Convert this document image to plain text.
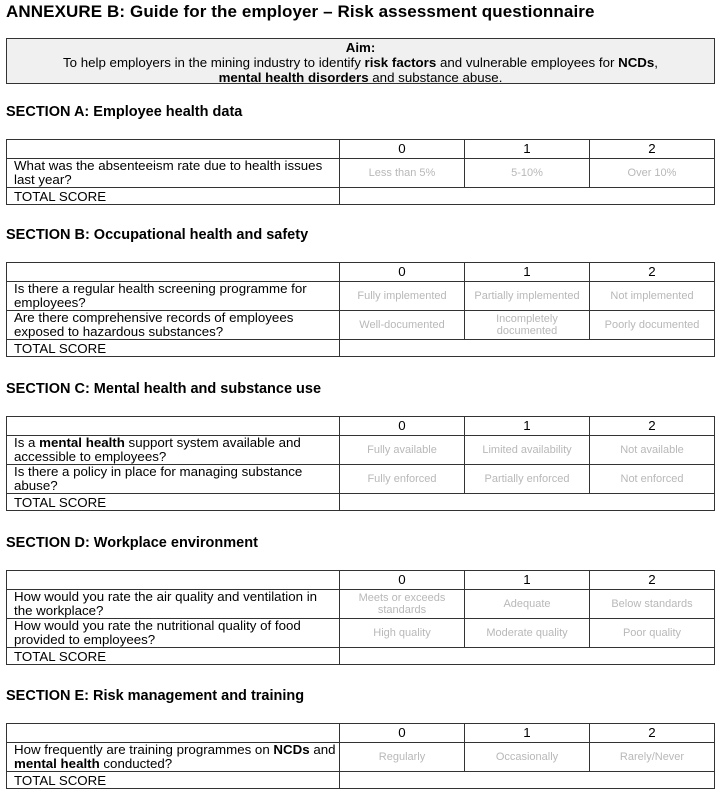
ANNEXURE B: Guide for the employer – Risk assessment questionnaire
Aim:
To help employers in the mining industry to identify risk factors and vulnerable employees for NCDs,
mental health disorders and substance abuse.
SECTION A: Employee health data
	0	1	2
What was the absenteeism rate due to health issues last year?	Less than 5%	5-10%	Over 10%
TOTAL SCORE			
SECTION B: Occupational health and safety
	0	1	2
Is there a regular health screening programme for employees?	Fully implemented	Partially implemented	Not implemented
Are there comprehensive records of employees exposed to hazardous substances?	Well-documented	Incompletely documented	Poorly documented
TOTAL SCORE			
SECTION C: Mental health and substance use
	0	1	2
Is a mental health support system available and accessible to employees?	Fully available	Limited availability	Not available
Is there a policy in place for managing substance abuse?	Fully enforced	Partially enforced	Not enforced
TOTAL SCORE			
SECTION D: Workplace environment
	0	1	2
How would you rate the air quality and ventilation in the workplace?	Meets or exceeds standards	Adequate	Below standards
How would you rate the nutritional quality of food provided to employees?	High quality	Moderate quality	Poor quality
TOTAL SCORE			
SECTION E: Risk management and training
	0	1	2
How frequently are training programmes on NCDs and mental health conducted?	Regularly	Occasionally	Rarely/Never
TOTAL SCORE			
